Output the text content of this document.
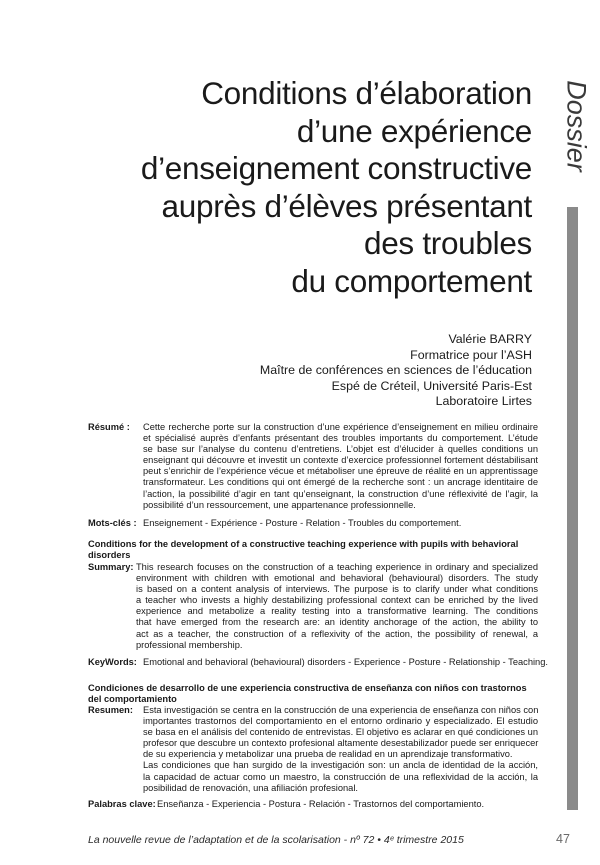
Dossier
Conditions d’élaboration
d’une expérience
d’enseignement constructive
auprès d’élèves présentant
des troubles
du comportement
Valérie BARRY
Formatrice pour l’ASH
Maître de conférences en sciences de l’éducation
Espé de Créteil, Université Paris-Est
Laboratoire Lirtes
Résumé : Cette recherche porte sur la construction d’une expérience d’enseignement en milieu ordinaire
et spécialisé auprès d’enfants présentant des troubles importants du comportement. L’étude
se base sur l’analyse du contenu d’entretiens. L’objet est d’élucider à quelles conditions un
enseignant qui découvre et investit un contexte d’exercice professionnel fortement déstabilisant
peut s’enrichir de l’expérience vécue et métaboliser une épreuve de réalité en un apprentissage
transformateur. Les conditions qui ont émergé de la recherche sont : un ancrage identitaire de
l’action, la possibilité d’agir en tant qu’enseignant, la construction d’une réflexivité de l’agir, la
possibilité d’un ressourcement, une appartenance professionnelle.
Mots-clés : Enseignement - Expérience - Posture - Relation - Troubles du comportement.
Conditions for the development of a constructive teaching experience with pupils with behavioral
disorders
Summary: This research focuses on the construction of a teaching experience in ordinary and specialized
environment with children with emotional and behavioral (behavioural) disorders. The study
is based on a content analysis of interviews. The purpose is to clarify under what conditions
a teacher who invests a highly destabilizing professional context can be enriched by the lived
experience and metabolize a reality testing into a transformative learning. The conditions
that have emerged from the research are: an identity anchorage of the action, the ability to
act as a teacher, the construction of a reflexivity of the action, the possibility of renewal, a
professional membership.
KeyWords: Emotional and behavioral (behavioural) disorders - Experience - Posture - Relationship - Teaching.
Condiciones de desarrollo de une experiencia constructiva de enseñanza con niños con trastornos
del comportamiento
Resumen: Esta investigación se centra en la construcción de una experiencia de enseñanza con niños con
importantes trastornos del comportamiento en el entorno ordinario y especializado. El estudio
se basa en el análisis del contenido de entrevistas. El objetivo es aclarar en qué condiciones un
profesor que descubre un contexto profesional altamente desestabilizador puede ser enriquecer
de su experiencia y metabolizar una prueba de realidad en un aprendizaje transformativo.
Las condiciones que han surgido de la investigación son: un ancla de identidad de la acción,
la capacidad de actuar como un maestro, la construcción de una reflexividad de la acción, la
posibilidad de renovación, una afiliación profesional.
Palabras clave: Enseñanza - Experiencia - Postura - Relación - Trastornos del comportamiento.
La nouvelle revue de l’adaptation et de la scolarisation - nº 72 • 4ᵉ trimestre 2015	47
